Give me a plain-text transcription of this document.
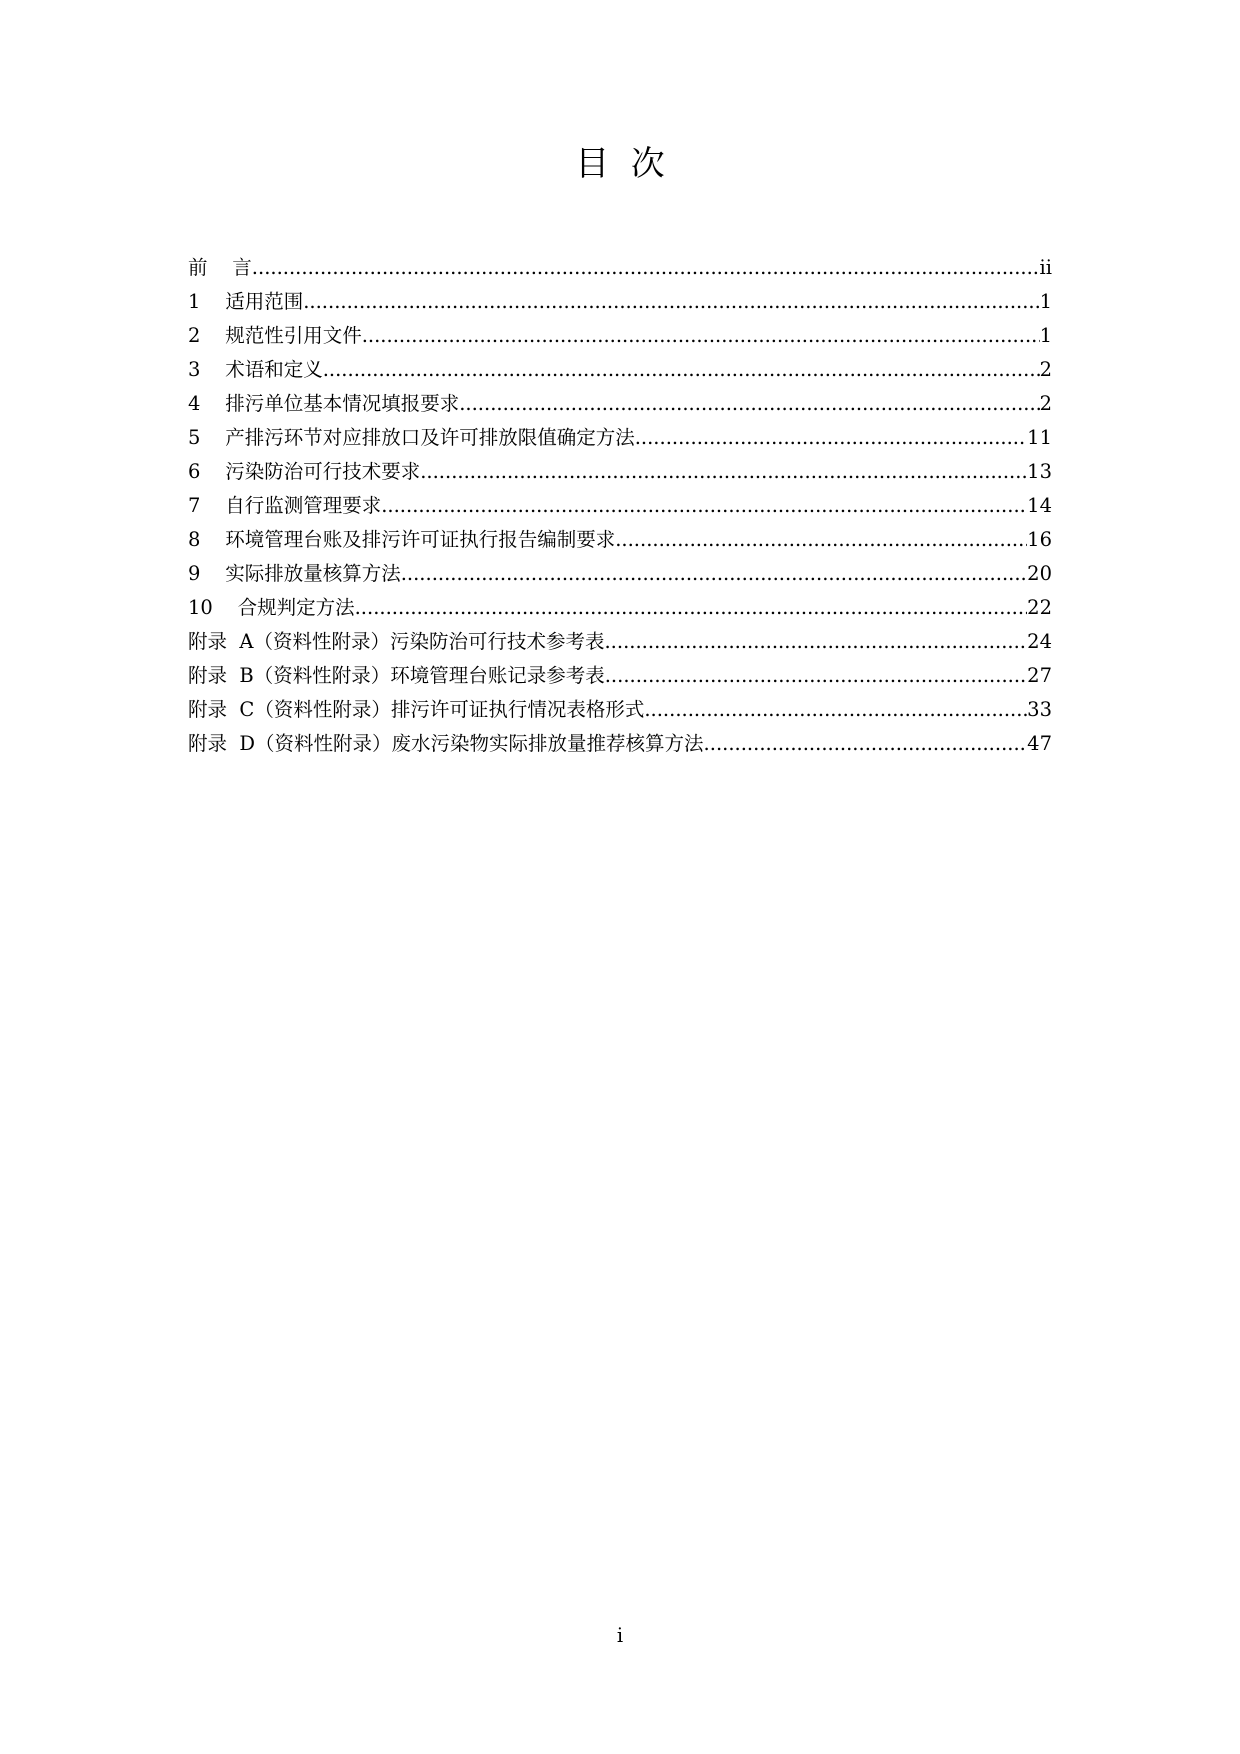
目  次
前    言 .....	ii
1    适用范围 .....	1
2    规范性引用文件 .....	1
3    术语和定义 .....	2
4    排污单位基本情况填报要求 .....	2
5    产排污环节对应排放口及许可排放限值确定方法 .....	11
6    污染防治可行技术要求 .....	13
7    自行监测管理要求 .....	14
8    环境管理台账及排污许可证执行报告编制要求 .....	16
9    实际排放量核算方法 .....	20
10    合规判定方法 .....	22
附录  A（资料性附录）污染防治可行技术参考表 .....	24
附录  B（资料性附录）环境管理台账记录参考表 .....	27
附录  C（资料性附录）排污许可证执行情况表格形式 .....	33
附录  D（资料性附录）废水污染物实际排放量推荐核算方法 .....	47
i
